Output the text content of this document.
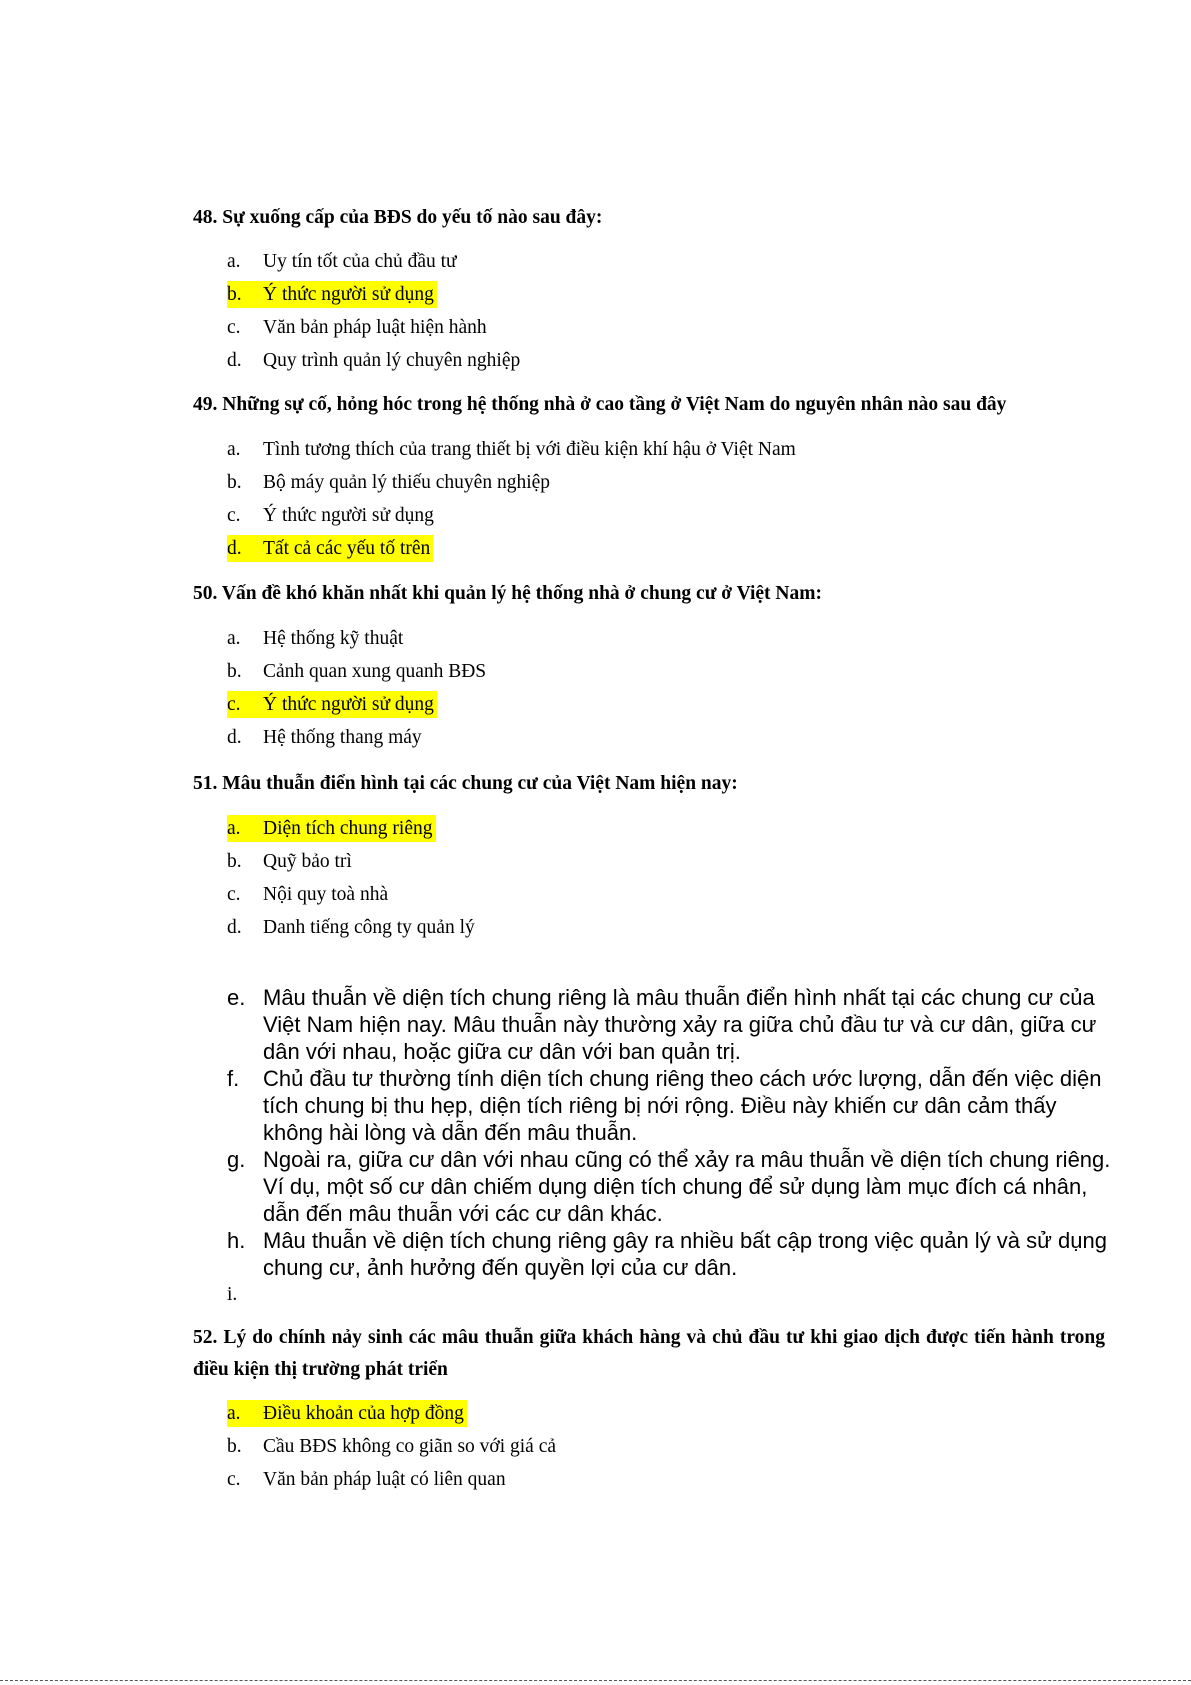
48. Sự xuống cấp của BĐS do yếu tố nào sau đây:

a. Uy tín tốt của chủ đầu tư
b. Ý thức người sử dụng
c. Văn bản pháp luật hiện hành
d. Quy trình quản lý chuyên nghiệp

49. Những sự cố, hỏng hóc trong hệ thống nhà ở cao tầng ở Việt Nam do nguyên nhân nào sau đây

a. Tình tương thích của trang thiết bị với điều kiện khí hậu ở Việt Nam
b. Bộ máy quản lý thiếu chuyên nghiệp
c. Ý thức người sử dụng
d. Tất cả các yếu tố trên

50. Vấn đề khó khăn nhất khi quản lý hệ thống nhà ở chung cư ở Việt Nam:

a. Hệ thống kỹ thuật
b. Cảnh quan xung quanh BĐS
c. Ý thức người sử dụng
d. Hệ thống thang máy

51. Mâu thuẫn điển hình tại các chung cư của Việt Nam hiện nay:

a. Diện tích chung riêng
b. Quỹ bảo trì
c. Nội quy toà nhà
d. Danh tiếng công ty quản lý
e. Mâu thuẫn về diện tích chung riêng là mâu thuẫn điển hình nhất tại các chung cư của Việt Nam hiện nay. Mâu thuẫn này thường xảy ra giữa chủ đầu tư và cư dân, giữa cư dân với nhau, hoặc giữa cư dân với ban quản trị.
f. Chủ đầu tư thường tính diện tích chung riêng theo cách ước lượng, dẫn đến việc diện tích chung bị thu hẹp, diện tích riêng bị nới rộng. Điều này khiến cư dân cảm thấy không hài lòng và dẫn đến mâu thuẫn.
g. Ngoài ra, giữa cư dân với nhau cũng có thể xảy ra mâu thuẫn về diện tích chung riêng. Ví dụ, một số cư dân chiếm dụng diện tích chung để sử dụng làm mục đích cá nhân, dẫn đến mâu thuẫn với các cư dân khác.
h. Mâu thuẫn về diện tích chung riêng gây ra nhiều bất cập trong việc quản lý và sử dụng chung cư, ảnh hưởng đến quyền lợi của cư dân.
i.

52. Lý do chính nảy sinh các mâu thuẫn giữa khách hàng và chủ đầu tư khi giao dịch được tiến hành trong điều kiện thị trường phát triển

a. Điều khoản của hợp đồng
b. Cầu BĐS không co giãn so với giá cả
c. Văn bản pháp luật có liên quan
